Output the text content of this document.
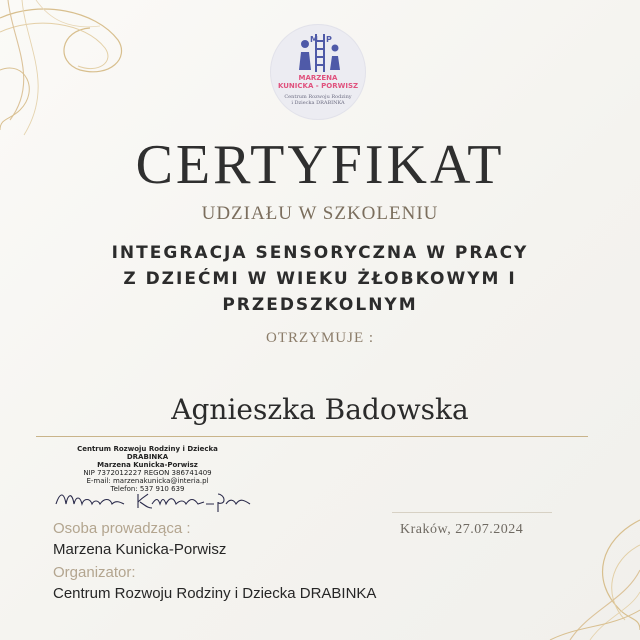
M P
MARZENA
KUNICKA - PORWISZ
Centrum Rozwoju Rodziny
i Dziecka DRABINKA
CERTYFIKAT
UDZIAŁU W SZKOLENIU
INTEGRACJA SENSORYCZNA W PRACY
Z DZIEĆMI W WIEKU ŻŁOBKOWYM I
PRZEDSZKOLNYM
OTRZYMUJE :
Agnieszka Badowska
Centrum Rozwoju Rodziny i Dziecka
DRABINKA
Marzena Kunicka-Porwisz
NIP 7372012227 REGON 386741409
E-mail: marzenakunicka@interia.pl
Telefon: 537 910 639
Kraków, 27.07.2024
Osoba prowadząca :
Marzena Kunicka-Porwisz
Organizator:
Centrum Rozwoju Rodziny i Dziecka DRABINKA
